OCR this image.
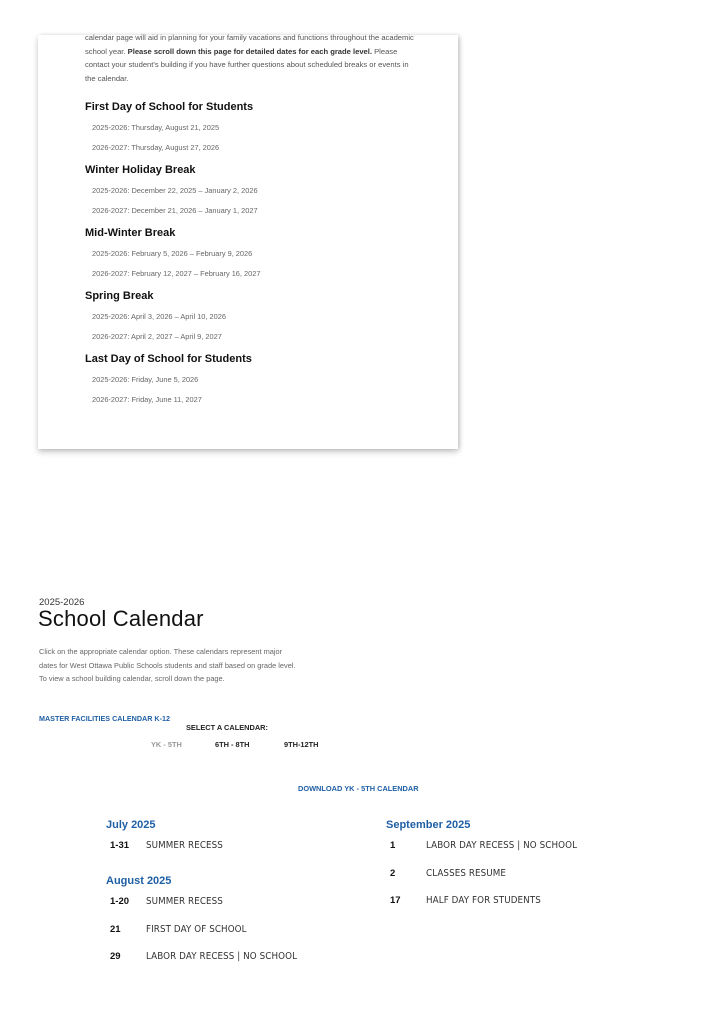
calendar page will aid in planning for your family vacations and functions throughout the academic school year. Please scroll down this page for detailed dates for each grade level. Please contact your student's building if you have further questions about scheduled breaks or events in the calendar.

First Day of School for Students

2025-2026: Thursday, August 21, 2025

2026-2027: Thursday, August 27, 2026

Winter Holiday Break

2025-2026: December 22, 2025 – January 2, 2026

2026-2027: December 21, 2026 – January 1, 2027

Mid-Winter Break

2025-2026: February 5, 2026 – February 9, 2026

2026-2027: February 12, 2027 – February 16, 2027

Spring Break

2025-2026: April 3, 2026 – April 10, 2026

2026-2027: April 2, 2027 – April 9, 2027

Last Day of School for Students

2025-2026: Friday, June 5, 2026

2026-2027: Friday, June 11, 2027

2025-2026
School Calendar

Click on the appropriate calendar option. These calendars represent major dates for West Ottawa Public Schools students and staff based on grade level. To view a school building calendar, scroll down the page.

MASTER FACILITIES CALENDAR K-12
SELECT A CALENDAR:
YK - 5TH	6TH - 8TH	9TH-12TH
DOWNLOAD YK - 5TH CALENDAR
July 2025
1-31 SUMMER RECESS
August 2025
1-20 SUMMER RECESS
21	FIRST DAY OF SCHOOL
29	LABOR DAY RECESS | NO SCHOOL
September 2025
1	LABOR DAY RECESS | NO SCHOOL
2	CLASSES RESUME
17	HALF DAY FOR STUDENTS
